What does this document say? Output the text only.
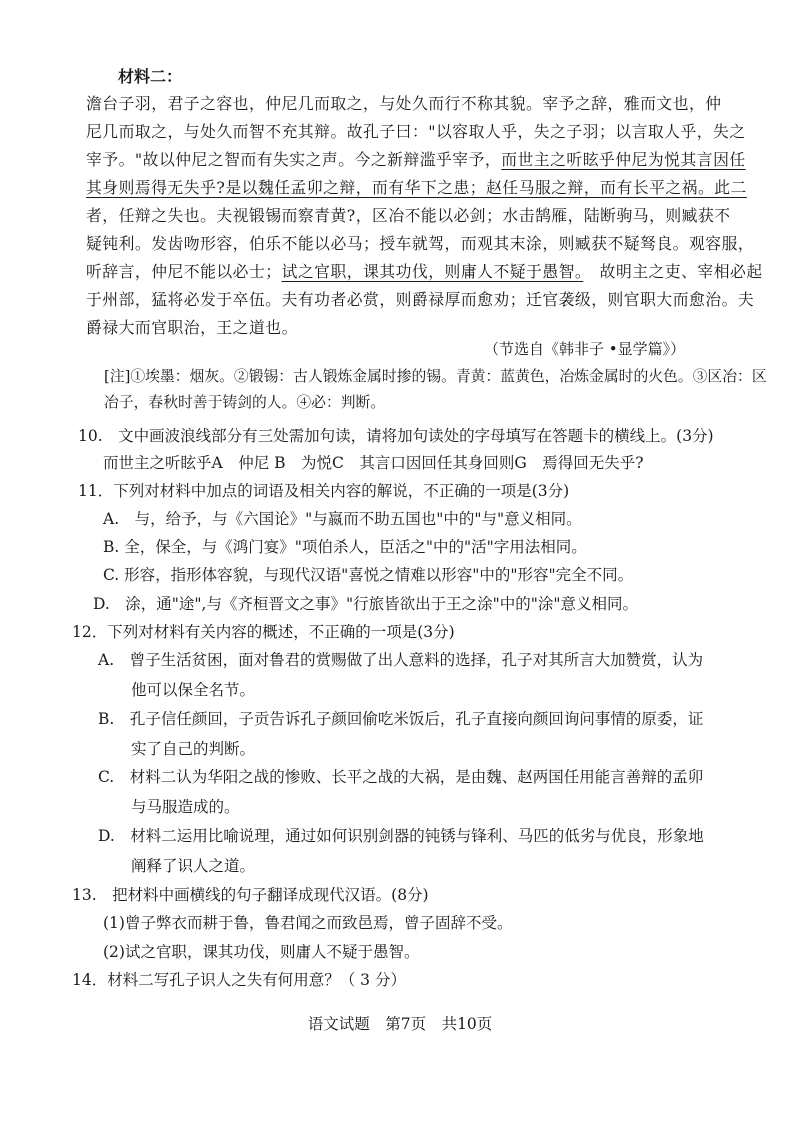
材料二：
澹台子羽，君子之容也，仲尼几而取之，与处久而行不称其貌。宰予之辞，雅而文也，仲
尼几而取之，与处久而智不充其辩。故孔子曰："以容取人乎，失之子羽；以言取人乎，失之
宰予。"故以仲尼之智而有失实之声。今之新辩滥乎宰予，而世主之听眩乎仲尼为悦其言因任
其身则焉得无失乎?是以魏任孟卯之辩，而有华下之患；赵任马服之辩，而有长平之祸。此二
者，任辩之失也。夫视锻锡而察青黄?，区冶不能以必剑；水击鹄雁，陆断驹马，则臧获不
疑钝利。发齿吻形容，伯乐不能以必马；授车就驾，而观其末涂，则臧获不疑驽良。观容服，
听辞言，仲尼不能以必士；试之官职，课其功伐，则庸人不疑于愚智。　 故明主之吏、宰相必起
于州部，猛将必发于卒伍。夫有功者必赏，则爵禄厚而愈劝；迁官袭级，则官职大而愈治。夫
爵禄大而官职治，王之道也。
（节选自《韩非子 •显学篇》）
[注]①埃墨：烟灰。②锻锡：古人锻炼金属时掺的锡。青黄：蓝黄色，冶炼金属时的火色。③区冶：区
冶子，春秋时善于铸剑的人。④必：判断。
10.　文中画波浪线部分有三处需加句读，请将加句读处的字母填写在答题卡的横线上。(3分)
而世主之听眩乎A　仲尼 B　为悦C　其言口因回任其身回则G　焉得回无失乎?
11．下列对材料中加点的词语及相关内容的解说，不正确的一项是(3分)
A.　与，给予，与《六国论》"与嬴而不助五国也"中的"与"意义相同。
B. 全，保全，与《鸿门宴》"项伯杀人，臣活之"中的"活"字用法相同。
C. 形容，指形体容貌，与现代汉语"喜悦之情难以形容"中的"形容"完全不同。
D.　涂，通"途",与《齐桓晋文之事》"行旅皆欲出于王之涂"中的"涂"意义相同。
12．下列对材料有关内容的概述，不正确的一项是(3分)
A.　曾子生活贫困，面对鲁君的赏赐做了出人意料的选择，孔子对其所言大加赞赏，认为
他可以保全名节。
B.　孔子信任颜回，子贡告诉孔子颜回偷吃米饭后，孔子直接向颜回询问事情的原委，证
实了自己的判断。
C.　材料二认为华阳之战的惨败、长平之战的大祸，是由魏、赵两国任用能言善辩的孟卯
与马服造成的。
D.　材料二运用比喻说理，通过如何识别剑器的钝锈与锋利、马匹的低劣与优良，形象地
阐释了识人之道。
13.　把材料中画横线的句子翻译成现代汉语。(8分)
(1)曾子弊衣而耕于鲁，鲁君闻之而致邑焉，曾子固辞不受。
(2)试之官职，课其功伐，则庸人不疑于愚智。
14．材料二写孔子识人之失有何用意？（ 3 分）
语文试题　第7页　共10页
